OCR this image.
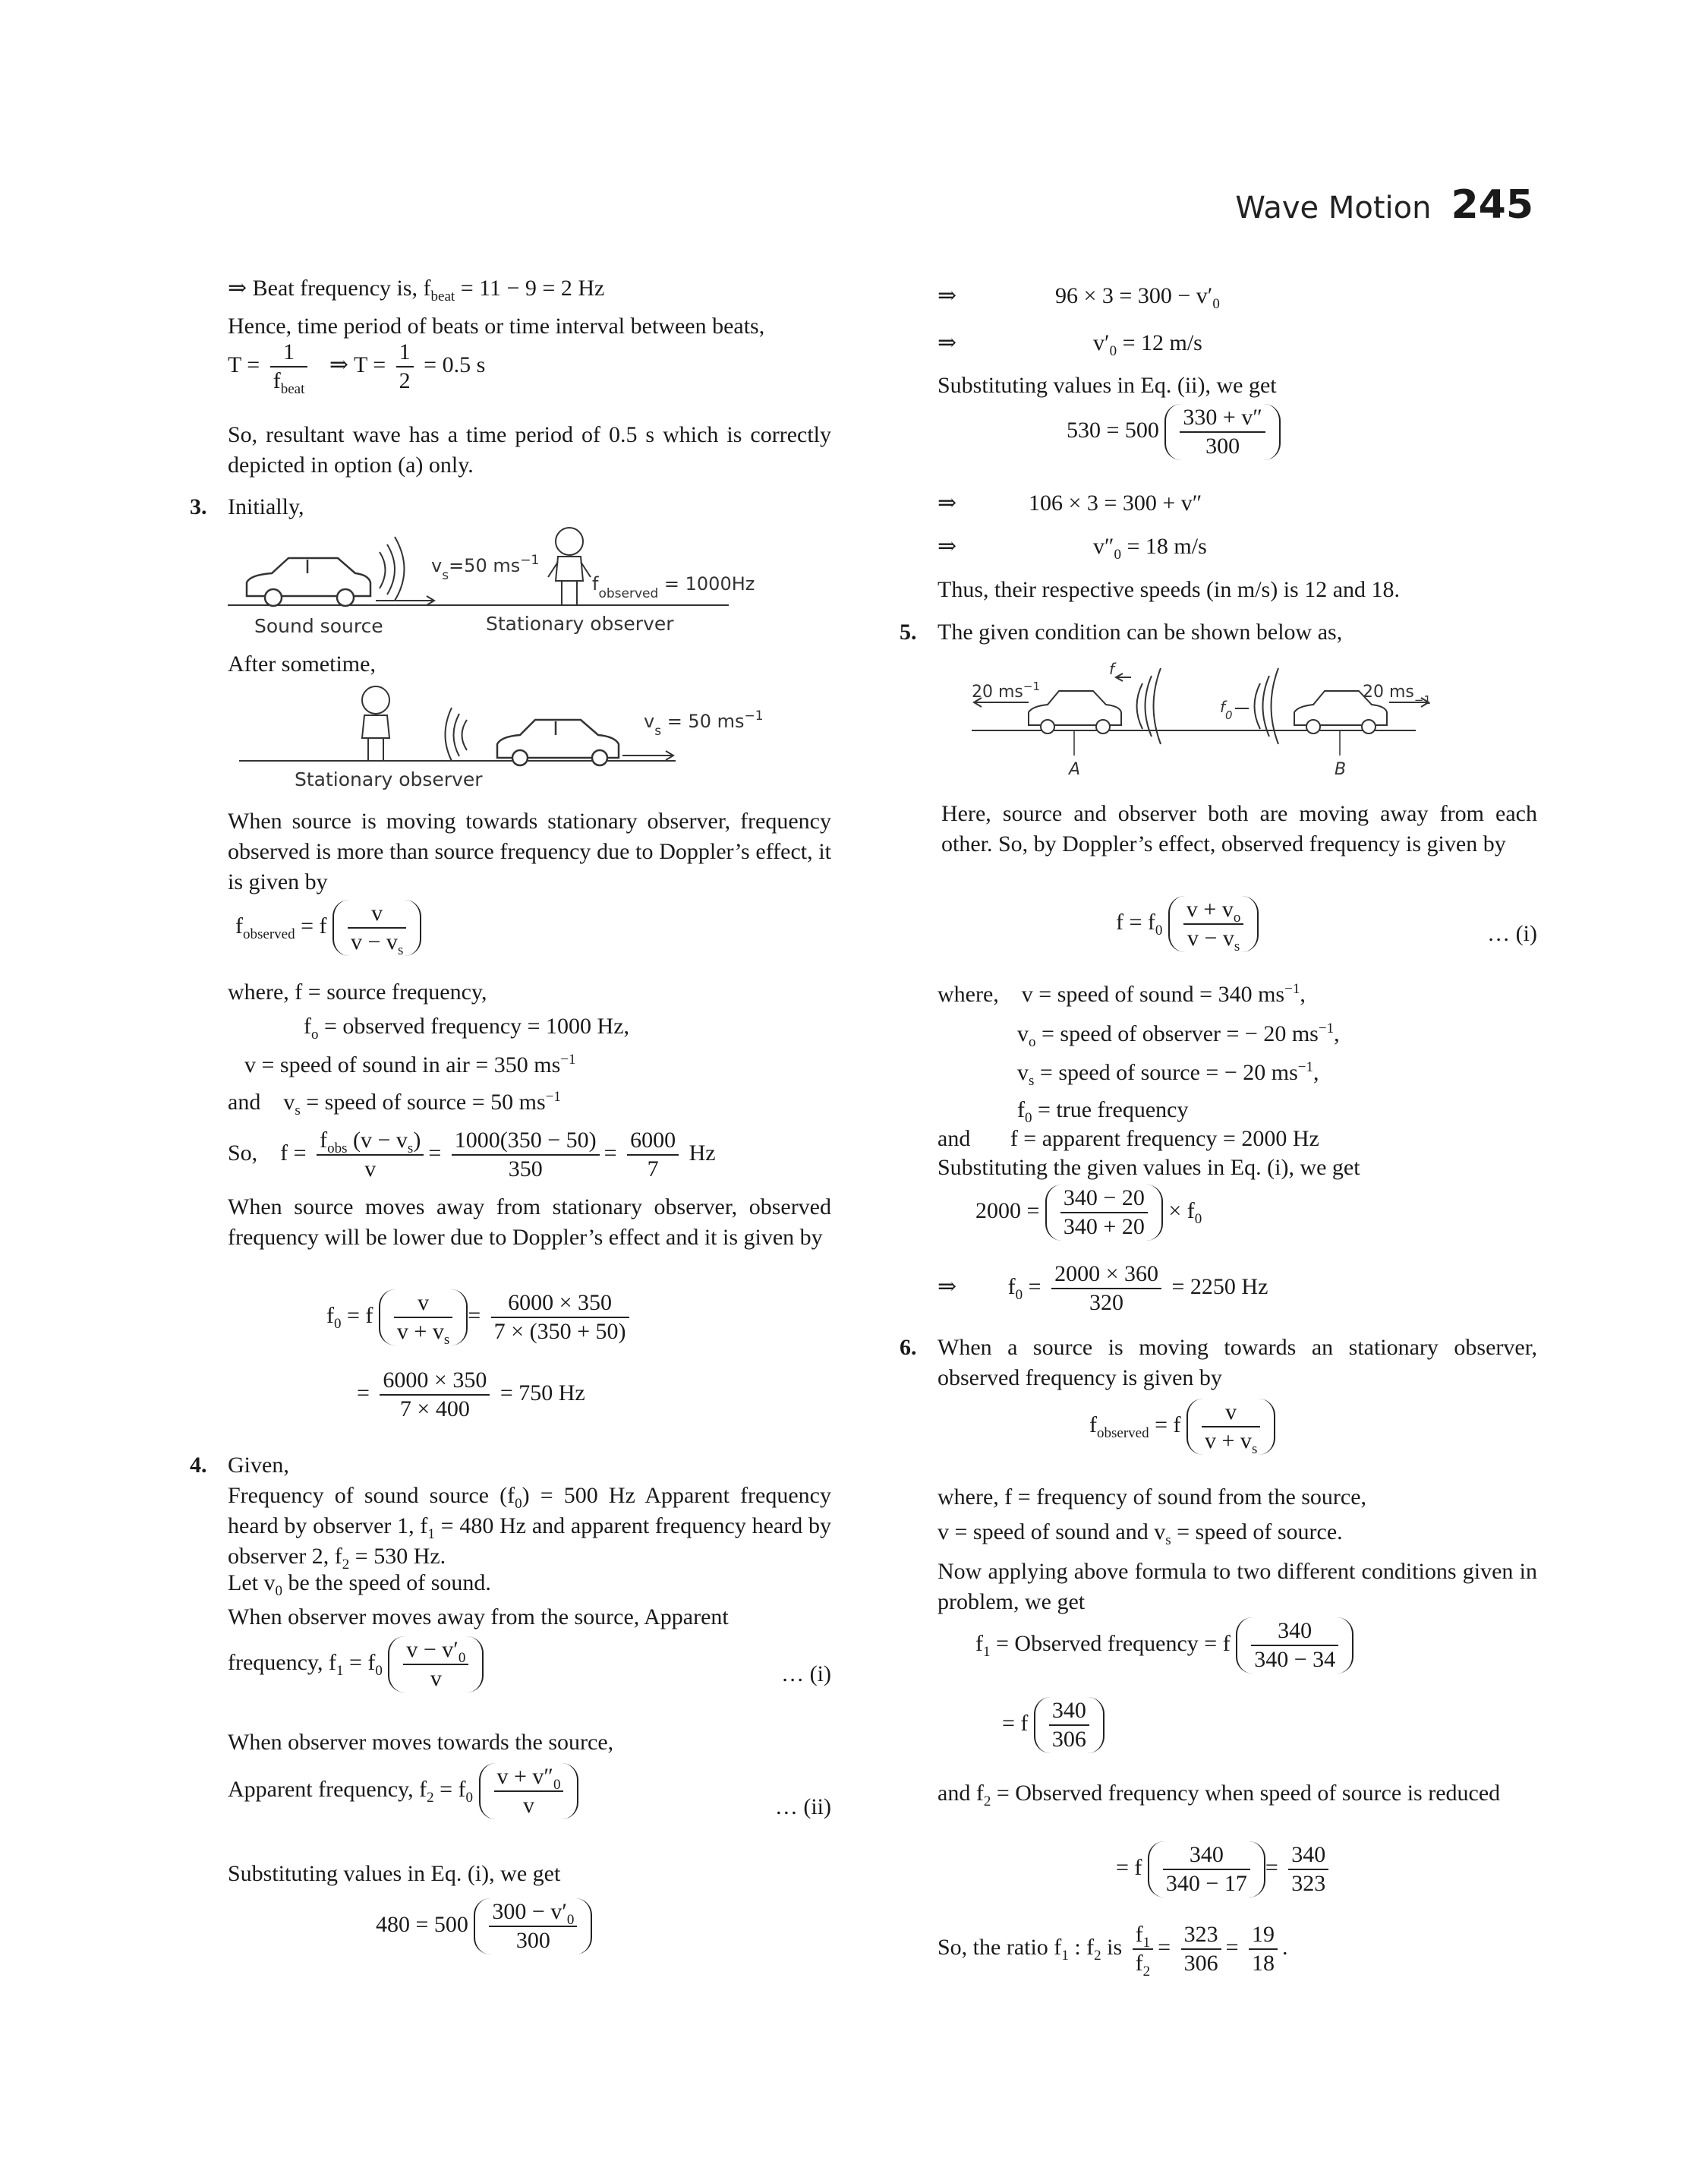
Wave Motion 245
⇒ Beat frequency is, $f_{beat} = 11 - 9 = 2$ Hz
Hence, time period of beats or time interval between beats,
$T = \frac{1}{f_{beat}}$ ⇒ $T = \frac{1}{2} = 0.5$ s
So, resultant wave has a time period of 0.5 s which is correctly depicted in option (a) only.
3. Initially,
$v_s=50$ $ms^{-1}$
$f_{observed} = 1000Hz$
Sound source	Stationary observer
After sometime,
$v_s = 50$ $ms^{-1}$
Stationary observer
When source is moving towards stationary observer, frequency observed is more than source frequency due to Doppler’s effect, it is given by
$f_{observed} = f \frac{v}{v - v_s}$
where, f = source frequency,
$f_o$ = observed frequency = 1000 Hz,
v = speed of sound in air = 350 $ms^{-1}$
and    $v_s$ = speed of source = 50 $ms^{-1}$
So,    $f = \frac{f_{obs} (v - v_s)}{v} = \frac{1000(350 - 50)}{350} = \frac{6000}{7}$ Hz
When source moves away from stationary observer, observed frequency will be lower due to Doppler’s effect and it is given by
$f_0 = f \frac{v}{v + v_s} = \frac{6000 \times 350}{7 \times (350 + 50)}$
= $\frac{6000 \times 350}{7 \times 400} = 750$ Hz
4. Given,
Frequency of sound source $(f_0) = 500$ Hz Apparent frequency heard by observer 1, $f_1 = 480$ Hz and apparent frequency heard by observer 2, $f_2 = 530$ Hz.
Let $v_0$ be the speed of sound.
When observer moves away from the source, Apparent
frequency, $f_1 = f_0 \frac{v - v'_0}{v}$	… (i)
When observer moves towards the source,
Apparent frequency, $f_2 = f_0 \frac{v + v''_0}{v}$	… (ii)
Substituting values in Eq. (i), we get
$480 = 500 \frac{300 - v'_0}{300}$
⇒	$96 \times 3 = 300 - v'_0$
⇒	$v'_0 = 12$ m/s
Substituting values in Eq. (ii), we get
$530 = 500 \frac{330 + v''}{300}$
⇒	106 × 3 = 300 + v″
⇒	$v''_0 = 18$ m/s
Thus, their respective speeds (in m/s) is 12 and 18.
5. The given condition can be shown below as,
20 $ms^{-1}$
f
$f_0$
20 $ms_{-1}$
A	B
Here, source and observer both are moving away from each other. So, by Doppler’s effect, observed frequency is given by
$f = f_0 \frac{v + v_o}{v - v_s}$	… (i)
where,    v = speed of sound = 340 $ms^{-1}$,
$v_o$ = speed of observer = − 20 $ms^{-1}$,
$v_s$ = speed of source = − 20 $ms^{-1}$,
$f_0$ = true frequency
and       f = apparent frequency = 2000 Hz
Substituting the given values in Eq. (i), we get
$2000 = \frac{340 - 20}{340 + 20} \times f_0$
⇒ $f_0 = \frac{2000 \times 360}{320} = 2250$ Hz
6. When a source is moving towards an stationary observer, observed frequency is given by
$f_{observed} = f \frac{v}{v + v_s}$
where, f = frequency of sound from the source,
v = speed of sound and $v_s$ = speed of source.
Now applying above formula to two different conditions given in problem, we get
$f_1$ = Observed frequency = f $\frac{340}{340 - 34}$
= f $\frac{340}{306}$
and $f_2$ = Observed frequency when speed of source is reduced
= f $\frac{340}{340 - 17} = \frac{340}{323}$
So, the ratio $f_1$ : $f_2$ is $\frac{f_1}{f_2} = \frac{323}{306} = \frac{19}{18}$ .
